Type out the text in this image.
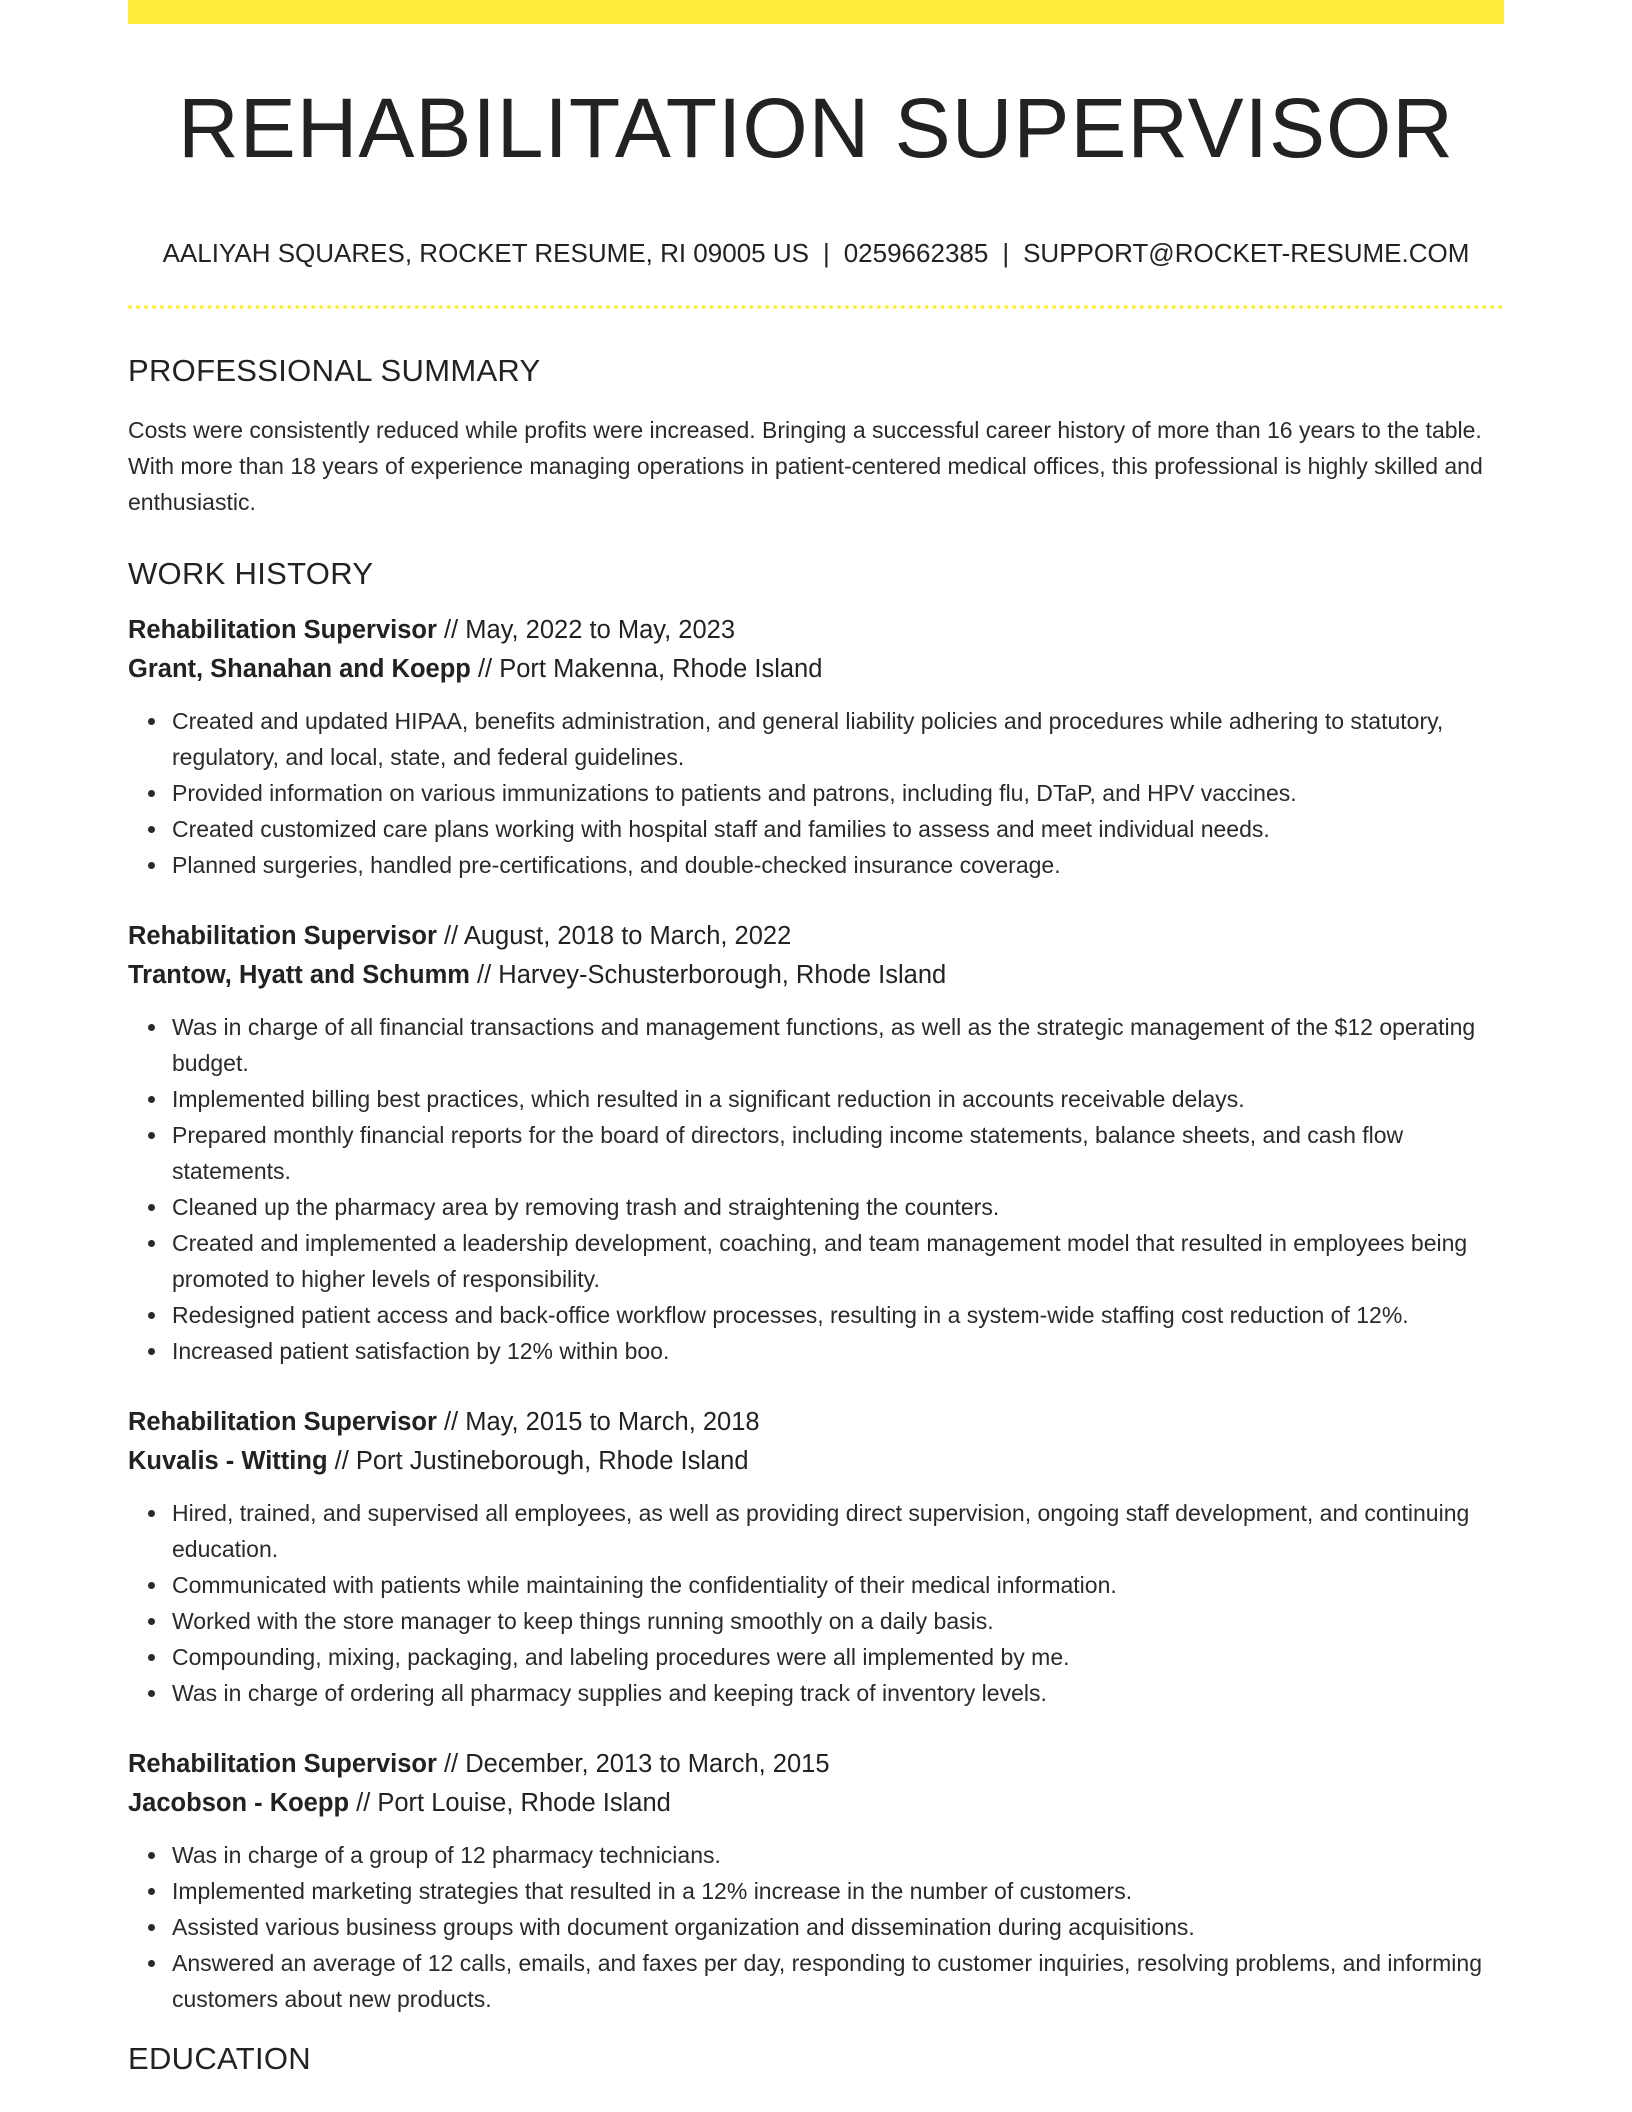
REHABILITATION SUPERVISOR
AALIYAH SQUARES, ROCKET RESUME, RI 09005 US | 0259662385 | SUPPORT@ROCKET-RESUME.COM
PROFESSIONAL SUMMARY

Costs were consistently reduced while profits were increased. Bringing a successful career history of more than 16 years to the table. With more than 18 years of experience managing operations in patient-centered medical offices, this professional is highly skilled and enthusiastic.

WORK HISTORY
Rehabilitation Supervisor // May, 2022 to May, 2023
Grant, Shanahan and Koepp // Port Makenna, Rhode Island
Created and updated HIPAA, benefits administration, and general liability policies and procedures while adhering to statutory, regulatory, and local, state, and federal guidelines.
Provided information on various immunizations to patients and patrons, including flu, DTaP, and HPV vaccines.
Created customized care plans working with hospital staff and families to assess and meet individual needs.
Planned surgeries, handled pre-certifications, and double-checked insurance coverage.
Rehabilitation Supervisor // August, 2018 to March, 2022
Trantow, Hyatt and Schumm // Harvey-Schusterborough, Rhode Island
Was in charge of all financial transactions and management functions, as well as the strategic management of the $12 operating budget.
Implemented billing best practices, which resulted in a significant reduction in accounts receivable delays.
Prepared monthly financial reports for the board of directors, including income statements, balance sheets, and cash flow statements.
Cleaned up the pharmacy area by removing trash and straightening the counters.
Created and implemented a leadership development, coaching, and team management model that resulted in employees being promoted to higher levels of responsibility.
Redesigned patient access and back-office workflow processes, resulting in a system-wide staffing cost reduction of 12%.
Increased patient satisfaction by 12% within boo.
Rehabilitation Supervisor // May, 2015 to March, 2018
Kuvalis - Witting // Port Justineborough, Rhode Island
Hired, trained, and supervised all employees, as well as providing direct supervision, ongoing staff development, and continuing education.
Communicated with patients while maintaining the confidentiality of their medical information.
Worked with the store manager to keep things running smoothly on a daily basis.
Compounding, mixing, packaging, and labeling procedures were all implemented by me.
Was in charge of ordering all pharmacy supplies and keeping track of inventory levels.
Rehabilitation Supervisor // December, 2013 to March, 2015
Jacobson - Koepp // Port Louise, Rhode Island
Was in charge of a group of 12 pharmacy technicians.
Implemented marketing strategies that resulted in a 12% increase in the number of customers.
Assisted various business groups with document organization and dissemination during acquisitions.
Answered an average of 12 calls, emails, and faxes per day, responding to customer inquiries, resolving problems, and informing customers about new products.
EDUCATION
